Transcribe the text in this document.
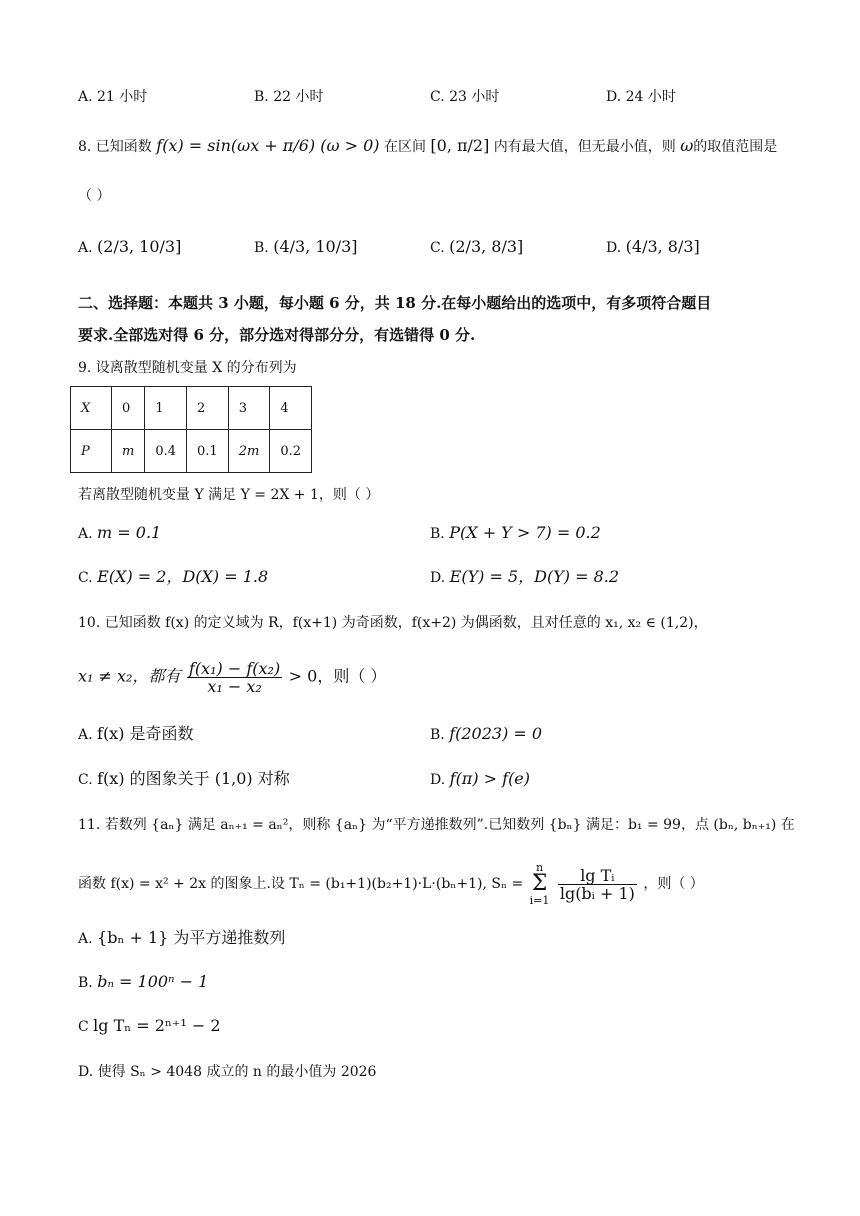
A. 21 小时	B. 22 小时	C. 23 小时	D. 24 小时
8. 已知函数 f(x) = sin(ωx + π/6) (ω > 0) 在区间 [0, π/2] 内有最大值，但无最小值，则 ω的取值范围是
（ ）
A. (2/3, 10/3]	B. (4/3, 10/3]	C. (2/3, 8/3]	D. (4/3, 8/3]
二、选择题：本题共 3 小题，每小题 6 分，共 18 分.在每小题给出的选项中，有多项符合题目
要求.全部选对得 6 分，部分选对得部分分，有选错得 0 分.
9. 设离散型随机变量 X 的分布列为
X	0	1	2	3	4
P	m	0.4	0.1	2m	0.2
若离散型随机变量 Y 满足 Y = 2X + 1，则（ ）
A. m = 0.1	B. P(X + Y > 7) = 0.2
C. E(X) = 2，D(X) = 1.8	D. E(Y) = 5，D(Y) = 8.2
10. 已知函数 f(x) 的定义域为 R，f(x+1) 为奇函数，f(x+2) 为偶函数，且对任意的 x₁, x₂ ∈ (1,2)，
x₁ ≠ x₂，都有 $\frac{\text{f(x₁) − f(x₂)}}{\text{x₁ − x₂}} > 0$，则（ ）
A. f(x) 是奇函数	B. f(2023) = 0
C. f(x) 的图象关于 (1,0) 对称	D. f(π) > f(e)
11. 若数列 {aₙ} 满足 aₙ₊₁ = aₙ²，则称 {aₙ} 为“平方递推数列”.已知数列 {bₙ} 满足：b₁ = 99，点 (bₙ, bₙ₊₁) 在
函数 f(x) = x² + 2x 的图象上.设 Tₙ = (b₁+1)(b₂+1)·L·(bₙ+1), Sₙ =
n
Σ
i=1
$\frac{\text{lg Tᵢ}}{\text{lg(bᵢ + 1)}}$ ，则（ ）
A. {bₙ + 1} 为平方递推数列
B. bₙ = 100ⁿ − 1
C lg Tₙ = 2ⁿ⁺¹ − 2
D. 使得 Sₙ > 4048 成立的 n 的最小值为 2026
